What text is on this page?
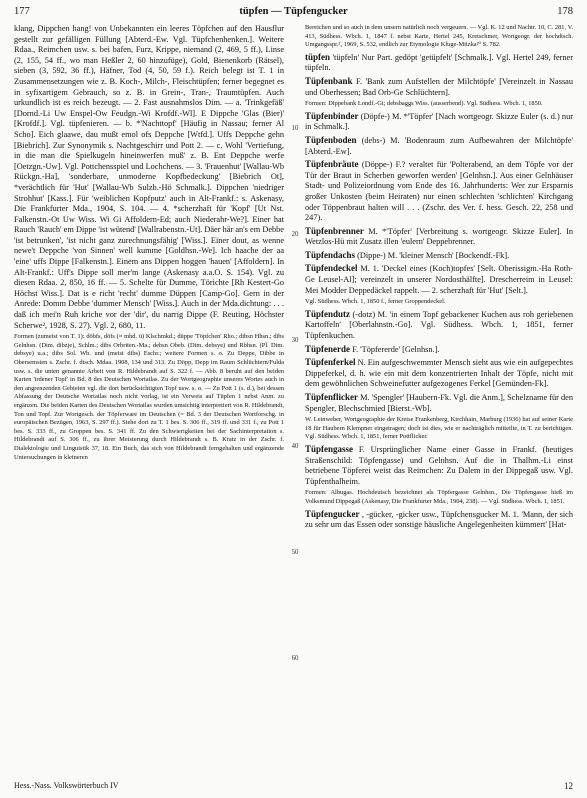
177	tüpfen — Tüpfengucker	178

klang, Dippchen hang! von Unbekannten ein leeres Töpfchen auf den Hausflur gestellt zur gefälligen Füllung [Abterd.-Ew. Vgl. Tüpfchenhenken.]. Weitere Rdaa., Reimchen usw. s. bei bafen, Furz, Krippe, niemand (2, 469, 5 ff.), Linse (2, 155, 54 ff., wo man Heßler 2, 60 hinzufüge), Gold, Bienenkorb (Rätsel), sieben (3, 592, 36 ff.), Häfner, Tod (4, 50, 59 f.). Reich belegt ist T. 1 in Zusammensetzungen wie z. B. Koch-, Milch-, Fleischtüpfen; ferner begegnet es in syfixartigem Gebrauch, so z. B. in Grein-, Tran-, Traumtüpfen. Auch urkundlich ist es reich bezeugt. — 2. Fast ausnahmslos Dim. — a. 'Trinkgefäß' [Dornd.-Li Uw Enspel-Ow Feudgn.-Wi Krofdf.-Wl]. E Dippche 'Glas (Bier)' [Krofdf.]. Vgl. tüpfenieren. — b. *'Nachttopf' [Häufig in Nassau; ferner Al Scho]. Eich glaawe, dau mußt emol ofs Deppche [Wtfd.]. Uffs Deppche gehn [Biebrich]. Zur Synonymik s. Nachtgeschirr und Pott 2. — c. Wohl 'Vertiefung, in die man die Spielkugeln hineinwerfen muß' z. B. Ent Deppche werfe [Oetzgn.-Uw]. Vgl. Pottchensspiel und Lochchens. — 3. 'Frauenhut' [Wallau-Wb Rückgn.-Ha], 'sonderbare, unmoderne Kopfbedeckung' [Biebrich Ot], *verächtlich für 'Hut' [Wallau-Wb Sulzb.-Hö Schmalk.]. Dippchen 'niedriger Strohhut' [Kass.]. Für 'weiblichen Kopfputz' auch in Alt-Frankf.: s. Askenasy, Die Frankfurter Mda., 1904, S. 104. — 4. *scherzhaft für 'Kopf' [Ut Nst. Falkenstn.-Ot Uw Wiss. Wi Gi Affoldern-Ed; auch Niederahr-We?]. Einer hat Rauch 'Rauch' em Dippe 'ist wütend' [Wallrabenstn.-Ut]. Däer här an's em Debbe 'ist betrunken', 'ist nicht ganz zurechnungsfähig' [Wiss.]. Einer dout, as wenne newe't Deppche 'von Sinnen' well kumme [Goldhsn.-We]. Ich haache der aa 'eine' uffs Dippe [Falkenstn.]. Einem ans Dippen hoggen 'hauen' [Affoldern]. In Alt-Frankf.: Uff's Dippe soll mer'm lange (Askenasy a.a.O. S. 154). Vgl. zu diesen Rdaa. 2, 850, 16 ff. — 5. Schelte für Dumme, Törichte [Rh Kestert-Go Höchst Wiss.]. Dat is e richt 'recht' dumme Düppen [Camp-Go]. Gern in der Anrede: Domm Debbe 'dummer Mensch' [Wiss.]. Auch in der Mda.dichtung: . . . daß ich mei'n Ruh kriche vor der 'dir', du narrig Dippe (F. Reuting, Höchster Scherwe², 1928, S. 27). Vgl. 2, 680, 11.

Formen (zumeist von T. 1): döbfs, döfs (≈ mhd. ü) Klschmkd.; düppe 'Töpfchen' Rho.; dibsn Hhsn.; dibs Gelnhsn. (Dim. dibzje), Schlm.; dibs Orbriten.-Ma.; debsn Obeb. (Dim. debsye) und Rbhsn. (Pl. Dim. debsye) u.a.; dibs Sol. Wb. und (meist dibs) Eschr.; weitere Formen s. o. Zu Deppe, Dibbe in Obersemsten s. Zschr. f. dtsch. Mdaa. 1908, 134 und 313. Zu Döpp, Depp im Raum Schlüchtern/Fulda usw. s. die unten genannte Arbeit von R. Hildebrandt auf S. 322 f. — Abb. 8 beruht auf den beiden Karten 'irdener Topf' in Bd. 8 des Deutschen Wortatlas. Zu der Wortgeographie unseres Wortes auch in den angrenzenden Gebieten vgl. die dort berücksichtigten Topf usw. s. o. — Zu Pott 1 (s. d.), bei dessen Abfassung der Deutsche Wortatlas noch nicht vorlag, ist ein Verweis auf Tüpfen 1 nebst Anm. zu ergänzen. Die beiden Karten des Deutschen Wortatlas wurden umsichtig interpretiert von R. Hildebrandt, Ton und Topf. Zur Wortgesch. der Töpferware im Deutschen (= Bd. 3 der Deutschen Wortforschg. in europäischen Bezügen, 1963, S. 297 ff.). Siehe dort zu T. 1 bes. S. 306 ff., 319 ff. und 331 f., zu Pott 1 bes. S. 333 ff., zu Groppen bes. S. 341 ff. Zu den Schwierigkeiten bei der Sachinterpretation s. Hildebrandt auf S. 306 ff., zu ihrer Meisterung durch Hildebrandt s. B. Kratz in der Zschr. f. Dialektologie und Linguistik 37, 18. Ein Buch, das sich von Hildebrandt ferngehalten und ergänzende Untersuchungen in kleineren

10
20
30
40
50
60

Bereichen und so auch in dem unsern natürlich noch vergeuern. — Vgl. K. 12 und Nachtr. 10, C. 281, V. 413, Südhess. Wbch. 1, 1847 f. nebst Karte, Hertel 245, Kretschmer, Wortgeogr. der hochdtsch. Umgangsspr.², 1969, S. 532, endlich zur Etymologie Kluge-Mitzka²⁰ S. 782.

tüpfen 'tüpfeln' Nur Part. gedöpt 'getüpfelt' [Schmalk.]. Vgl. Hertel 249, ferner tüpfeln.

Tüpfenbank F. 'Bank zum Aufstellen der Milchtöpfe' [Vereinzelt in Nassau und Oberhessen; Bad Orb-Ge Schlüchtern].

Formen: Dippebank Londf.-Gi; debsbaggs Wiss. (ausserbend). Vgl. Südhess. Wbch. 1, 1850.

Tüpfenbinder (Döpfe-) M. *'Töpfer' [Nach wortgeogr. Skizze Euler (s. d.) nur in Schmalk.].

Tüpfenboden (debs-) M. 'Bodenraum zum Aufbewahren der Milchtöpfe' [Abterd.-Ew].

Tüpfenbräute (Döppe-) F.? veraltet für 'Polterabend, an dem Töpfe vor der Tür der Braut in Scherben geworfen werden' [Gelnhsn.]. Aus einer Gelnhäuser Stadt- und Polizeiordnung vom Ende des 16. Jahrhunderts: Wer zur Ersparnis großer Unkosten (beim Heiraten) nur einen schlechten 'schlichten' Kirchgang oder Töppenbraut halten will . . . (Zschr. des Ver. f. hess. Gesch. 22, 258 und 247).

Tüpfenbrenner M. *'Töpfer' [Verbreitung s. wortgeogr. Skizze Euler]. In Wetzlos-Hü mit Zusatz illen 'eulern' Deppebrenner.

Tüpfendachs (Dippe-) M. 'kleiner Mensch' [Bockendf.-Fk].

Tüpfendeckel M. 1. 'Deckel eines (Koch)topfes' [Selt. Oberissigm.-Ha Roth-Ge Leusel-Al]; vereinzelt in unserer Nordosthälfte]. Drescherreim in Leusel: Mei Modder Deppedäckel rappelt. — 2. scherzhaft für 'Hut' [Selt.].

Vgl. Südhess. Wbch. 1, 1850 f., ferner Groppendeckel.

Tüpfendutz (-dotz) M. 'in einem Topf gebackener Kuchen aus roh geriebenen Kartoffeln' [Oberlahnstn.-Go]. Vgl. Südhess. Wbch. 1, 1851, ferner Tüpfenkuchen.

Tüpfenerde F. 'Töpfererde' [Gelnhsn.].

Tüpfenferkel N. Ein aufgeschwemmter Mensch sieht aus wie ein aufgepechtes Dippeferkel, d. h. wie ein mit dem konzentrierten Inhalt der Töpfe, nicht mit dem gewöhnlichen Schweinefutter aufgezogenes Ferkel [Gemünden-Fk].

Tüpfenflicker M. 'Spengler' [Haubern-Fk. Vgl. die Anm.], Schelzname für den Spengler, Blechschmied [Bierst.-Wb].

W. Leinweber, Wortgeographie der Kreise Frankenberg, Kirchhain, Marburg (1936) hat auf seiner Karte 18 für Haubern Klempner eingetragen; doch ist dies, wie er nachträglich mitteilte, in T. zu berichtigen. Vgl. Südhess. Wbch. 1, 1851, ferner Pottflicker.

Tüpfengasse F. Ursprünglicher Name einer Gasse in Frankf. (heutiges Straßenschild: Töpfengasse) und Gelnhsn. Auf die in Thalhm.-Li einst betriebene Töpferei weist das Reimchen: Zu Dalem in der Dippegaß usw. Vgl. Tüpfenthalheim.

Formen: Albugas. Hochdeutsch bezeichnet als Töpfergasse Gelnhsn., Die Töpfengasse hieß im Volksmund Dippegaß (Askenasy, Die Frankfurter Mda., 1904, 238). — Vgl. Südhess. Wbch. 1, 1851.

Tüpfengucker , -gücker, -gicker usw., Tüpfchensgucker M. 1. 'Mann, der sich zu sehr um das Essen oder sonstige häusliche Angelegenheiten kümmert' [Hat-

Hess.-Nass. Volkswörterbuch IV	12
